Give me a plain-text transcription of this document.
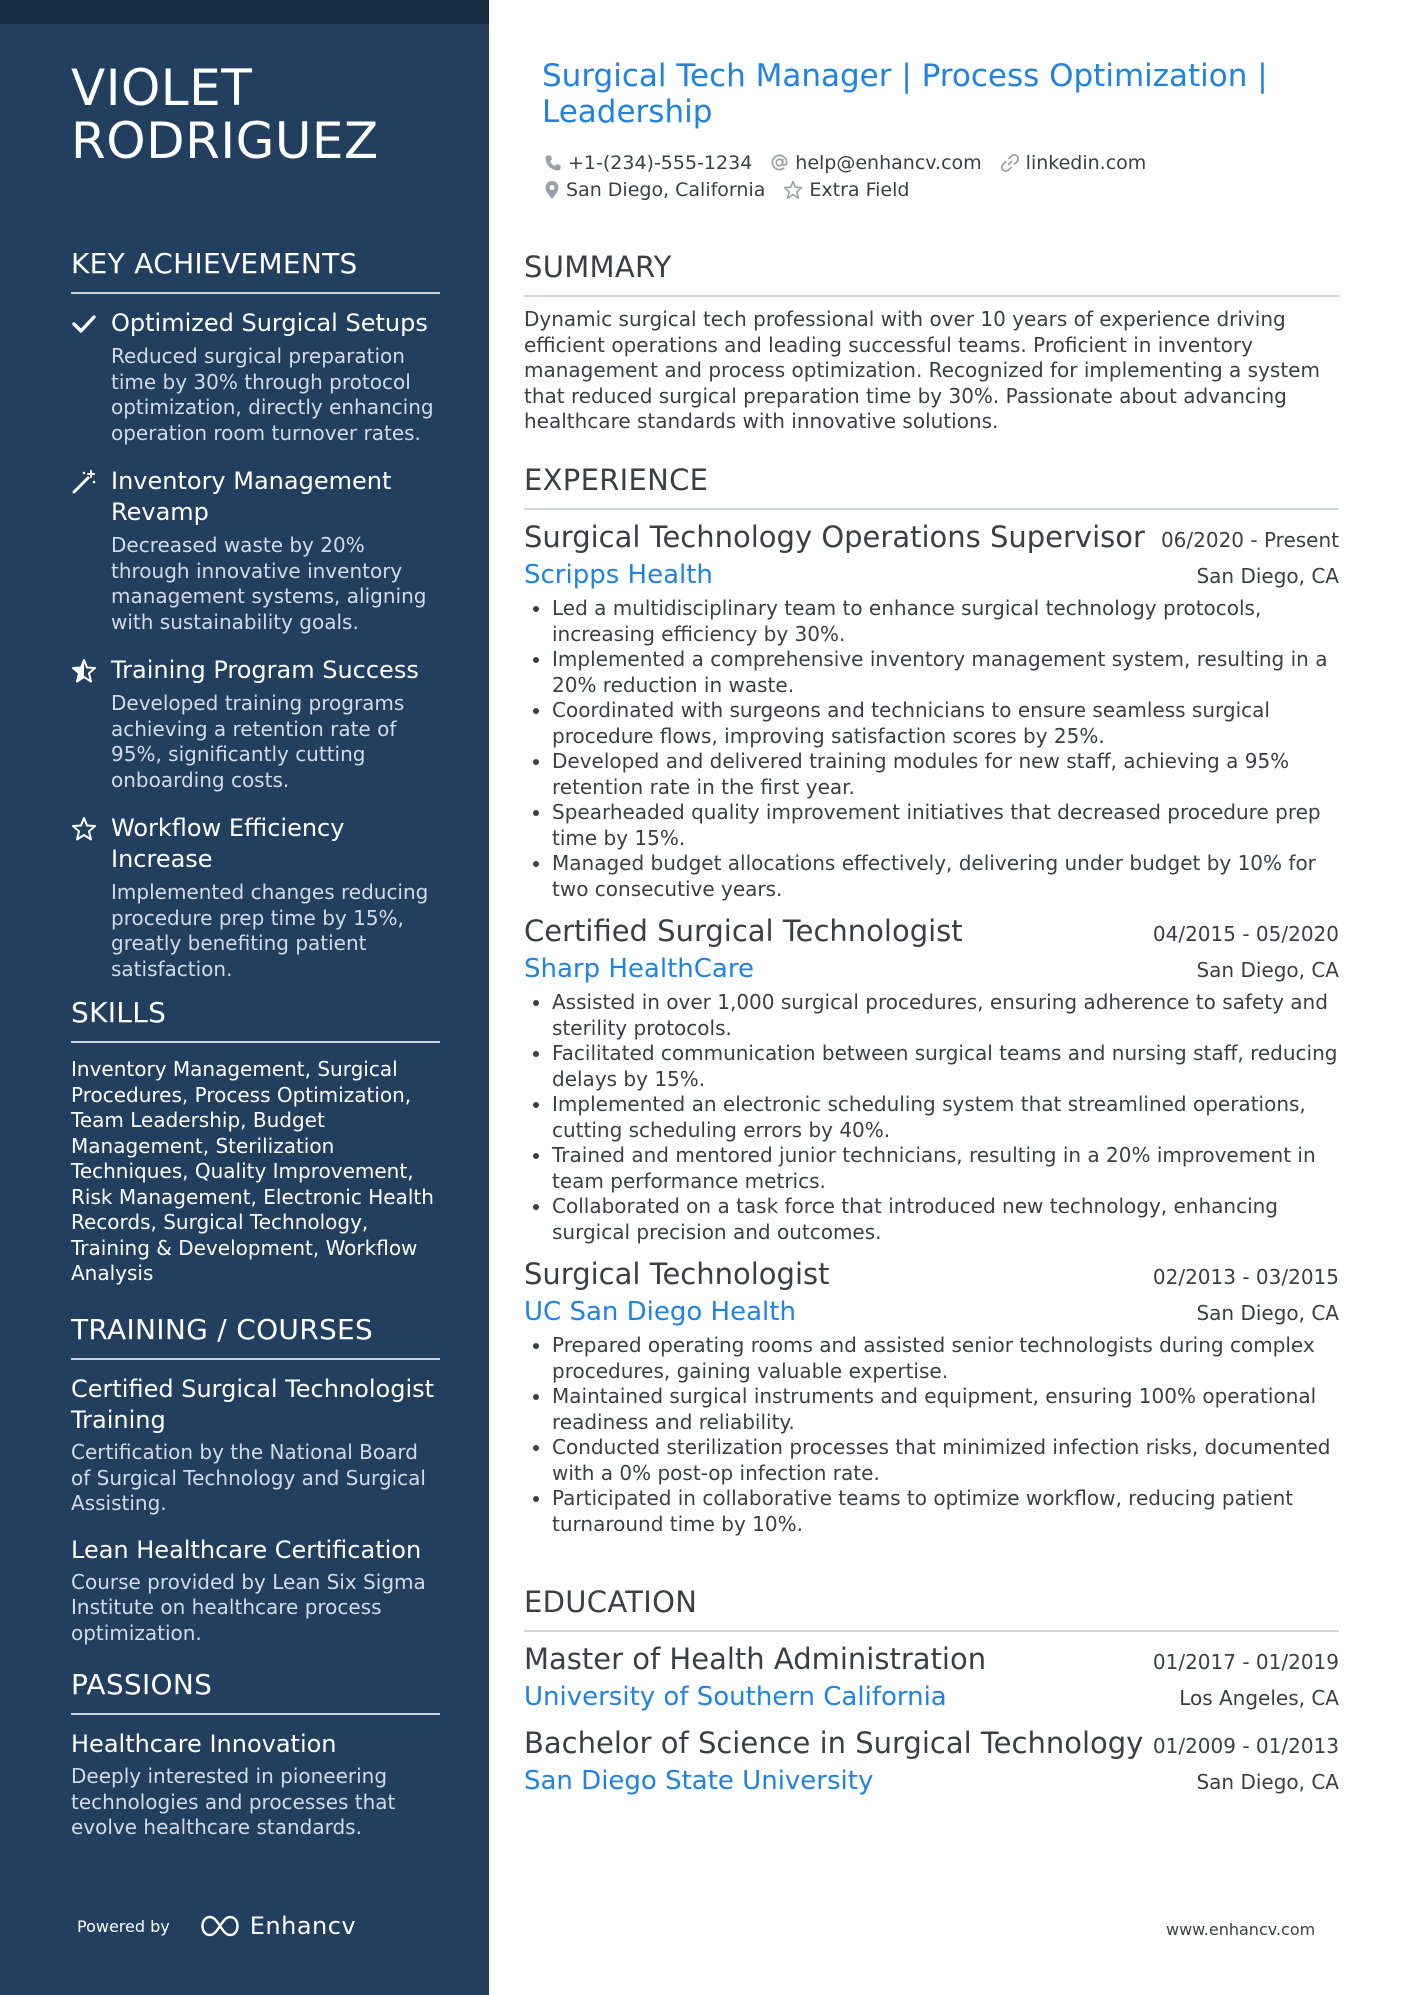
VIOLET
RODRIGUEZ
KEY ACHIEVEMENTS
Optimized Surgical Setups
Reduced surgical preparation time by 30% through protocol optimization, directly enhancing operation room turnover rates.
Inventory Management Revamp
Decreased waste by 20% through innovative inventory management systems, aligning with sustainability goals.
Training Program Success
Developed training programs achieving a retention rate of 95%, significantly cutting onboarding costs.
Workflow Efficiency Increase
Implemented changes reducing procedure prep time by 15%, greatly benefiting patient satisfaction.
SKILLS
Inventory Management, Surgical Procedures, Process Optimization, Team Leadership, Budget Management, Sterilization Techniques, Quality Improvement, Risk Management, Electronic Health Records, Surgical Technology, Training & Development, Workflow Analysis
TRAINING / COURSES
Certified Surgical Technologist Training
Certification by the National Board of Surgical Technology and Surgical Assisting.
Lean Healthcare Certification
Course provided by Lean Six Sigma Institute on healthcare process optimization.
PASSIONS
Healthcare Innovation
Deeply interested in pioneering technologies and processes that evolve healthcare standards.
Powered by	Enhancv
Surgical Tech Manager | Process Optimization | Leadership
+1-(234)-555-1234 help@enhancv.com linkedin.com
San Diego, California Extra Field
SUMMARY
Dynamic surgical tech professional with over 10 years of experience driving efficient operations and leading successful teams. Proficient in inventory management and process optimization. Recognized for implementing a system that reduced surgical preparation time by 30%. Passionate about advancing healthcare standards with innovative solutions.
EXPERIENCE
Surgical Technology Operations Supervisor 06/2020 - Present
Scripps Health	San Diego, CA
• Led a multidisciplinary team to enhance surgical technology protocols, increasing efficiency by 30%.
• Implemented a comprehensive inventory management system, resulting in a 20% reduction in waste.
• Coordinated with surgeons and technicians to ensure seamless surgical procedure flows, improving satisfaction scores by 25%.
• Developed and delivered training modules for new staff, achieving a 95% retention rate in the first year.
• Spearheaded quality improvement initiatives that decreased procedure prep time by 15%.
• Managed budget allocations effectively, delivering under budget by 10% for two consecutive years.
Certified Surgical Technologist	04/2015 - 05/2020
Sharp HealthCare	San Diego, CA
• Assisted in over 1,000 surgical procedures, ensuring adherence to safety and sterility protocols.
• Facilitated communication between surgical teams and nursing staff, reducing delays by 15%.
• Implemented an electronic scheduling system that streamlined operations, cutting scheduling errors by 40%.
• Trained and mentored junior technicians, resulting in a 20% improvement in team performance metrics.
• Collaborated on a task force that introduced new technology, enhancing surgical precision and outcomes.
Surgical Technologist	02/2013 - 03/2015
UC San Diego Health	San Diego, CA
• Prepared operating rooms and assisted senior technologists during complex procedures, gaining valuable expertise.
• Maintained surgical instruments and equipment, ensuring 100% operational readiness and reliability.
• Conducted sterilization processes that minimized infection risks, documented with a 0% post-op infection rate.
• Participated in collaborative teams to optimize workflow, reducing patient turnaround time by 10%.
EDUCATION
Master of Health Administration	01/2017 - 01/2019
University of Southern California	Los Angeles, CA
Bachelor of Science in Surgical Technology 01/2009 - 01/2013
San Diego State University	San Diego, CA
www.enhancv.com
